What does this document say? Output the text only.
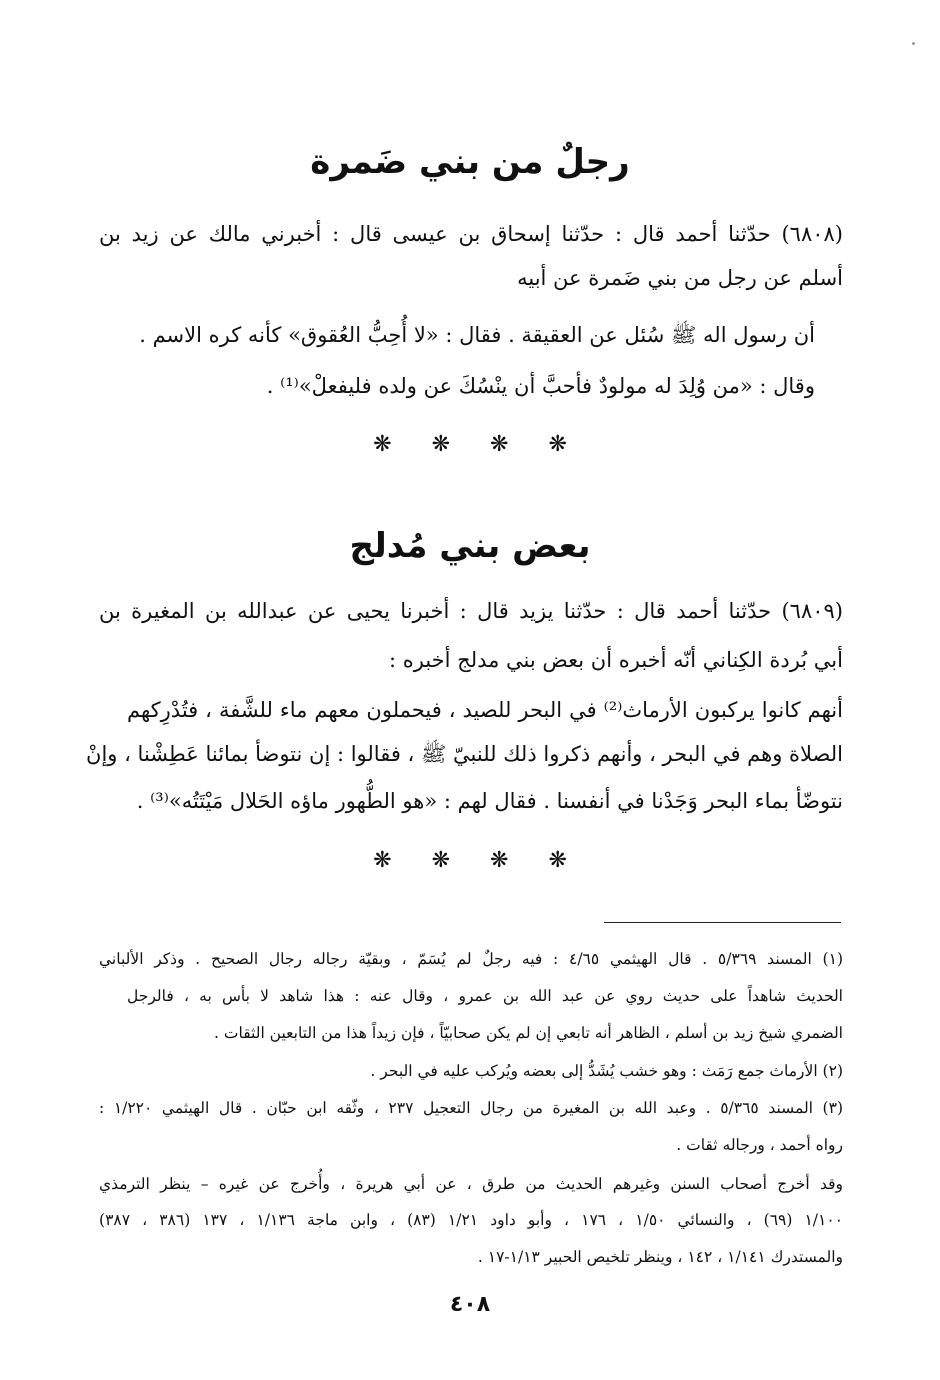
رجلٌ من بني ضَمرة
(٦٨٠٨) حدّثنا أحمد قال : حدّثنا إسحاق بن عيسى قال : أخبرني مالك عن زيد بن
أسلم عن رجل من بني ضَمرة عن أبيه
أن رسول اله ﷺ سُئل عن العقيقة . فقال : «لا أُحِبُّ العُقوق» كأنه كره الاسم .
وقال : «من وُلِدَ له مولودٌ فأحبَّ أن ينْسُكَ عن ولده فليفعلْ»⁽¹⁾ .
❋❋❋❋
بعض بني مُدلج
(٦٨٠٩) حدّثنا أحمد قال : حدّثنا يزيد قال : أخبرنا يحيى عن عبدالله بن المغيرة بن
أبي بُردة الكِناني أنّه أخبره أن بعض بني مدلج أخبره :
أنهم كانوا يركبون الأرماث⁽²⁾ في البحر للصيد ، فيحملون معهم ماء للشَّفة ، فتُدْرِكهم
الصلاة وهم في البحر ، وأنهم ذكروا ذلك للنبيّ ﷺ ، فقالوا : إن نتوضأ بمائنا عَطِشْنا ، وإنْ
نتوضّأ بماء البحر وَجَدْنا في أنفسنا . فقال لهم : «هو الطُّهور ماؤه الحَلال مَيْتَتُه»⁽³⁾ .
❋❋❋❋
(١) المسند ٥/٣٦٩ . قال الهيثمي ٤/٦٥ : فيه رجلٌ لم يُسَمّ ، وبقيّة رجاله رجال الصحيح . وذكر الألباني
الحديث شاهداً على حديث روي عن عبد الله بن عمرو ، وقال عنه : هذا شاهد لا بأس به ، فالرجل
الضمري شيخ زيد بن أسلم ، الظاهر أنه تابعي إن لم يكن صحابيّاً ، فإن زيداً هذا من التابعين الثقات .
(٢) الأرماث جمع رَمَث : وهو خشب يُشَدُّ إلى بعضه ويُركب عليه في البحر .
(٣) المسند ٥/٣٦٥ . وعبد الله بن المغيرة من رجال التعجيل ٢٣٧ ، وثّقه ابن حبّان . قال الهيثمي ١/٢٢٠ :
رواه أحمد ، ورجاله ثقات .
وقد أخرج أصحاب السنن وغيرهم الحديث من طرق ، عن أبي هريرة ، وأُخرج عن غيره – ينظر الترمذي
١/١٠٠ (٦٩) ، والنسائي ١/٥٠ ، ١٧٦ ، وأبو داود ١/٢١ (٨٣) ، وابن ماجة ١/١٣٦ ، ١٣٧ (٣٨٦ ، ٣٨٧)
والمستدرك ١/١٤١ ، ١٤٢ ، وينظر تلخيص الحبير ١/١٣-١٧ .
٤٠٨
